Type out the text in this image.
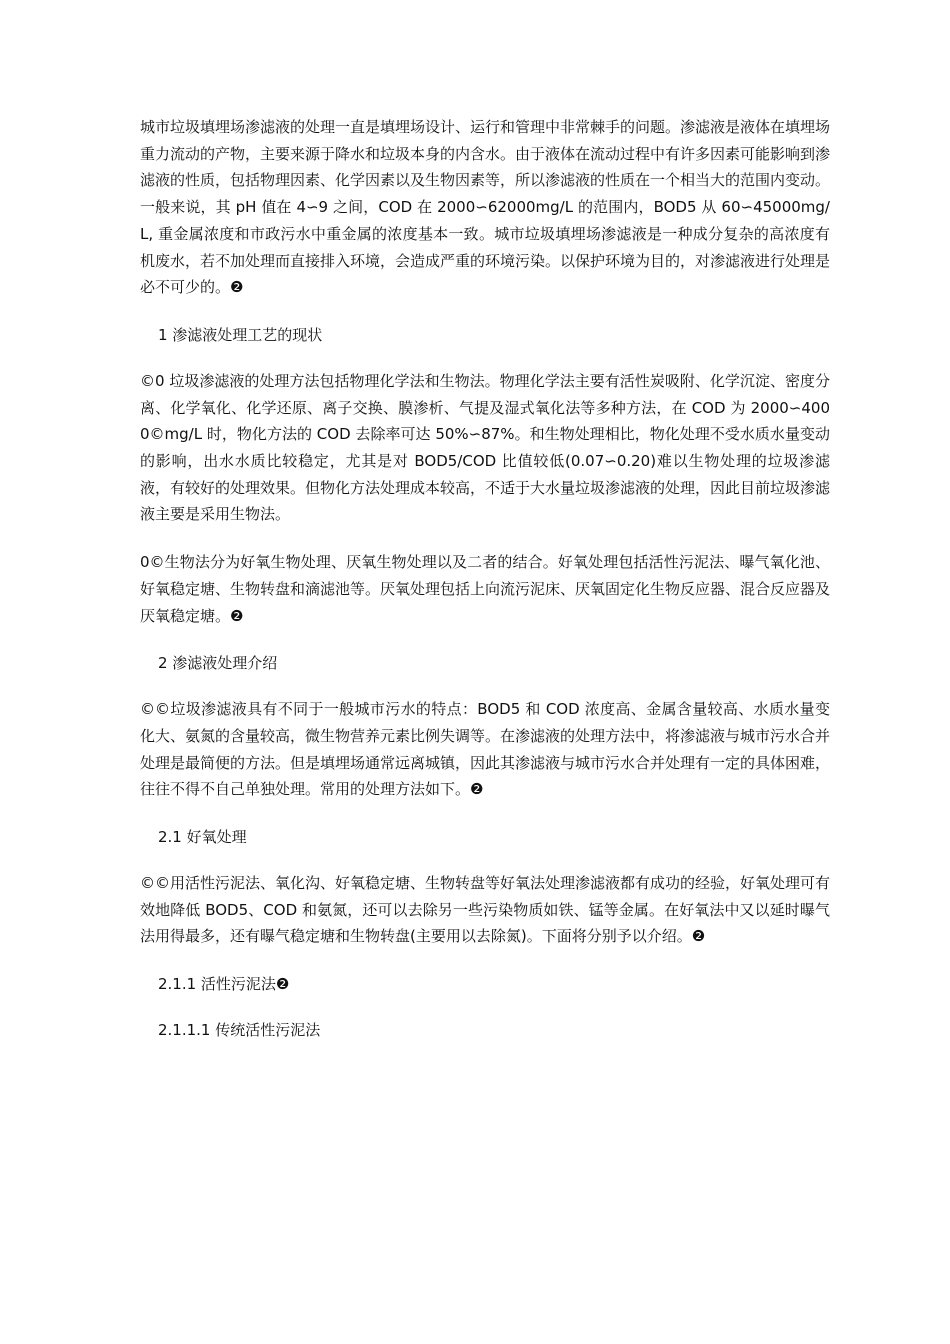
城市垃圾填埋场渗滤液的处理一直是填埋场设计、运行和管理中非常棘手的问题。渗滤液是液体在填埋场重力流动的产物，主要来源于降水和垃圾本身的内含水。由于液体在流动过程中有许多因素可能影响到渗滤液的性质，包括物理因素、化学因素以及生物因素等，所以渗滤液的性质在一个相当大的范围内变动。一般来说，其 pH 值在 4∽9 之间，COD 在 2000∽62000mg/L 的范围内，BOD5 从 60∽45000mg/L, 重金属浓度和市政污水中重金属的浓度基本一致。城市垃圾填埋场渗滤液是一种成分复杂的高浓度有机废水，若不加处理而直接排入环境，会造成严重的环境污染。以保护环境为目的，对渗滤液进行处理是必不可少的。❷

1 渗滤液处理工艺的现状

©0 垃圾渗滤液的处理方法包括物理化学法和生物法。物理化学法主要有活性炭吸附、化学沉淀、密度分离、化学氧化、化学还原、离子交换、膜渗析、气提及湿式氧化法等多种方法，在 COD 为 2000∽4000©mg/L 时，物化方法的 COD 去除率可达 50%∽87%。和生物处理相比，物化处理不受水质水量变动的影响，出水水质比较稳定，尤其是对 BOD5/COD 比值较低(0.07∽0.20)难以生物处理的垃圾渗滤液，有较好的处理效果。但物化方法处理成本较高，不适于大水量垃圾渗滤液的处理，因此目前垃圾渗滤液主要是采用生物法。

0©生物法分为好氧生物处理、厌氧生物处理以及二者的结合。好氧处理包括活性污泥法、曝气氧化池、好氧稳定塘、生物转盘和滴滤池等。厌氧处理包括上向流污泥床、厌氧固定化生物反应器、混合反应器及厌氧稳定塘。❷

2 渗滤液处理介绍

©©垃圾渗滤液具有不同于一般城市污水的特点：BOD5 和 COD 浓度高、金属含量较高、水质水量变化大、氨氮的含量较高，微生物营养元素比例失调等。在渗滤液的处理方法中，将渗滤液与城市污水合并处理是最简便的方法。但是填埋场通常远离城镇，因此其渗滤液与城市污水合并处理有一定的具体困难，往往不得不自己单独处理。常用的处理方法如下。❷

2.1 好氧处理

©©用活性污泥法、氧化沟、好氧稳定塘、生物转盘等好氧法处理渗滤液都有成功的经验，好氧处理可有效地降低 BOD5、COD 和氨氮，还可以去除另一些污染物质如铁、锰等金属。在好氧法中又以延时曝气法用得最多，还有曝气稳定塘和生物转盘(主要用以去除氮)。下面将分别予以介绍。❷

2.1.1 活性污泥法❷

2.1.1.1 传统活性污泥法
